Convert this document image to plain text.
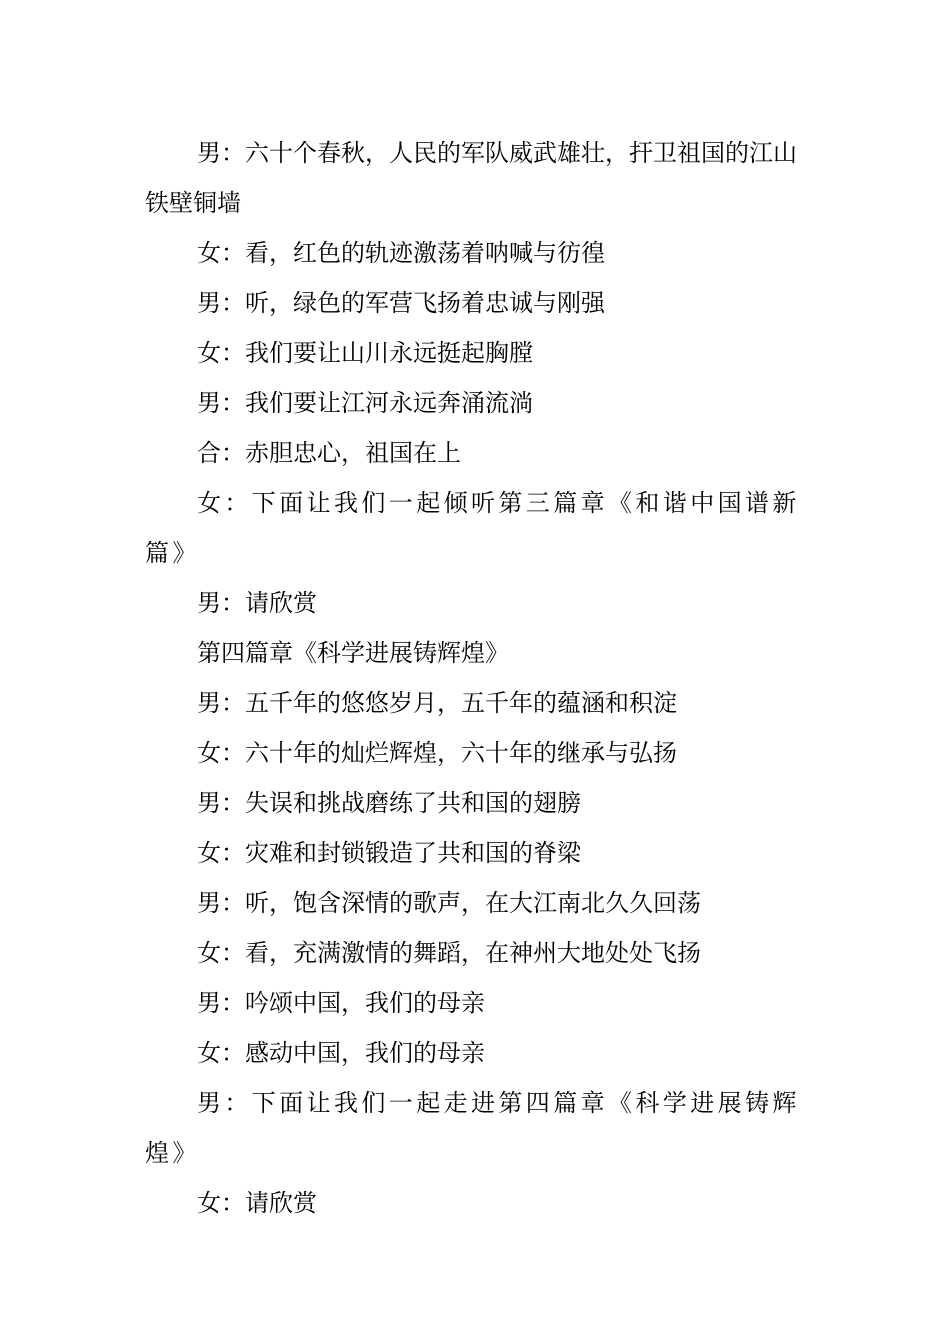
男：六十个春秋，人民的军队威武雄壮，扞卫祖国的江山铁壁铜墙

女：看，红色的轨迹激荡着呐喊与彷徨

男：听，绿色的军营飞扬着忠诚与刚强

女：我们要让山川永远挺起胸膛

男：我们要让江河永远奔涌流淌

合：赤胆忠心，祖国在上

女：下面让我们一起倾听第三篇章《和谐中国谱新篇》

男：请欣赏

第四篇章《科学进展铸辉煌》

男：五千年的悠悠岁月，五千年的蕴涵和积淀

女：六十年的灿烂辉煌，六十年的继承与弘扬

男：失误和挑战磨练了共和国的翅膀

女：灾难和封锁锻造了共和国的脊梁

男：听，饱含深情的歌声，在大江南北久久回荡

女：看，充满激情的舞蹈，在神州大地处处飞扬

男：吟颂中国，我们的母亲

女：感动中国，我们的母亲

男：下面让我们一起走进第四篇章《科学进展铸辉煌》

女：请欣赏
